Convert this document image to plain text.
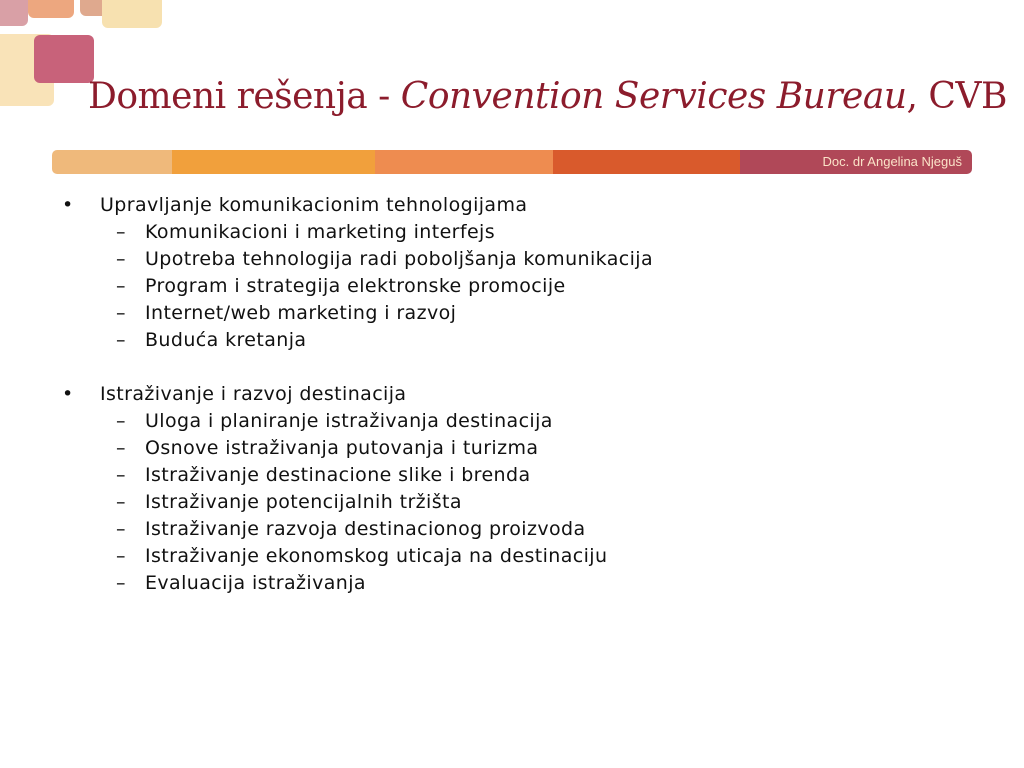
Domeni rešenja - Convention Services Bureau, CVB
Doc. dr Angelina Njeguš
•	Upravljanje komunikacionim tehnologijama
–	Komunikacioni i marketing interfejs
–	Upotreba tehnologija radi poboljšanja komunikacija
–	Program i strategija elektronske promocije
–	Internet/web marketing i razvoj
–	Buduća kretanja
•	Istraživanje i razvoj destinacija
–	Uloga i planiranje istraživanja destinacija
–	Osnove istraživanja putovanja i turizma
–	Istraživanje destinacione slike i brenda
–	Istraživanje potencijalnih tržišta
–	Istraživanje razvoja destinacionog proizvoda
–	Istraživanje ekonomskog uticaja na destinaciju
–	Evaluacija istraživanja
